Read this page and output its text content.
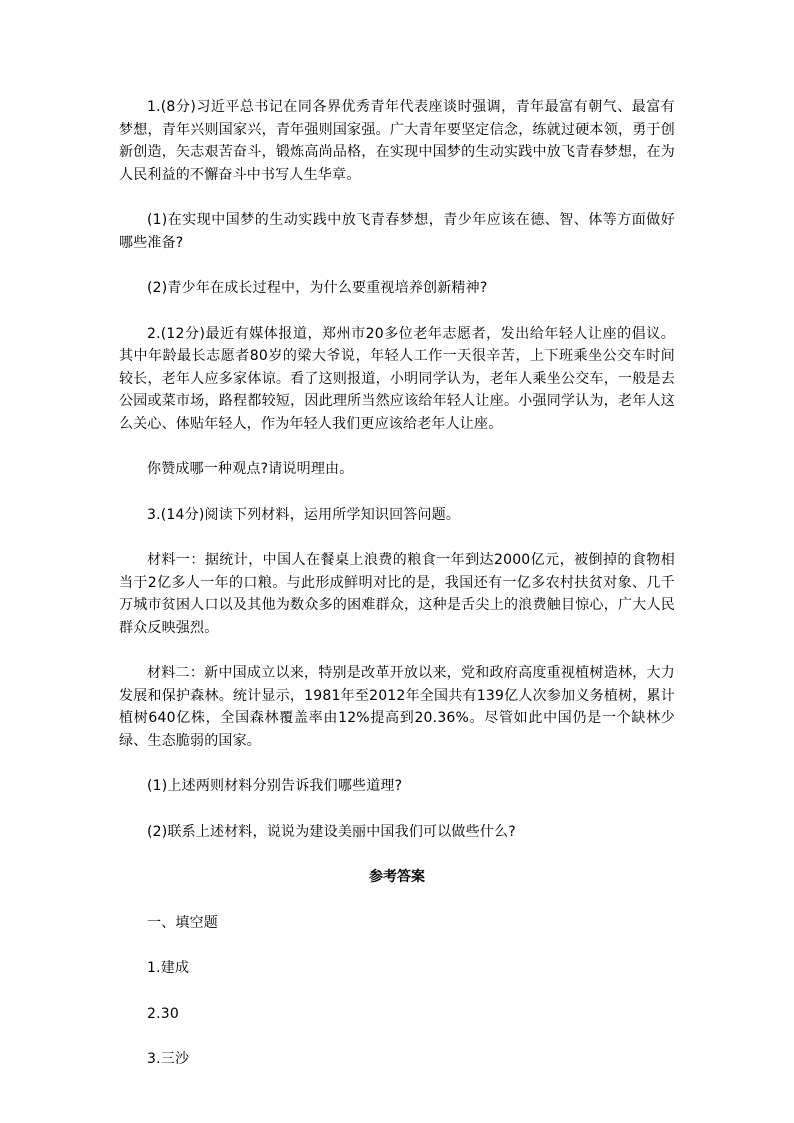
1.(8分)习近平总书记在同各界优秀青年代表座谈时强调，青年最富有朝气、最富有梦想，青年兴则国家兴，青年强则国家强。广大青年要坚定信念，练就过硬本领，勇于创新创造，矢志艰苦奋斗，锻炼高尚品格，在实现中国梦的生动实践中放飞青春梦想，在为人民利益的不懈奋斗中书写人生华章。

(1)在实现中国梦的生动实践中放飞青春梦想，青少年应该在德、智、体等方面做好哪些准备?

(2)青少年在成长过程中，为什么要重视培养创新精神?

2.(12分)最近有媒体报道，郑州市20多位老年志愿者，发出给年轻人让座的倡议。其中年龄最长志愿者80岁的梁大爷说，年轻人工作一天很辛苦，上下班乘坐公交车时间较长，老年人应多家体谅。看了这则报道，小明同学认为，老年人乘坐公交车，一般是去公园或菜市场，路程都较短，因此理所当然应该给年轻人让座。小强同学认为，老年人这么关心、体贴年轻人，作为年轻人我们更应该给老年人让座。

你赞成哪一种观点?请说明理由。

3.(14分)阅读下列材料，运用所学知识回答问题。

材料一：据统计，中国人在餐桌上浪费的粮食一年到达2000亿元，被倒掉的食物相当于2亿多人一年的口粮。与此形成鲜明对比的是，我国还有一亿多农村扶贫对象、几千万城市贫困人口以及其他为数众多的困难群众，这种是舌尖上的浪费触目惊心，广大人民群众反映强烈。

材料二：新中国成立以来，特别是改革开放以来，党和政府高度重视植树造林，大力发展和保护森林。统计显示，1981年至2012年全国共有139亿人次参加义务植树，累计植树640亿株，全国森林覆盖率由12%提高到20.36%。尽管如此中国仍是一个缺林少绿、生态脆弱的国家。

(1)上述两则材料分别告诉我们哪些道理?

(2)联系上述材料，说说为建设美丽中国我们可以做些什么?

参考答案

一、填空题

1.建成

2.30

3.三沙
